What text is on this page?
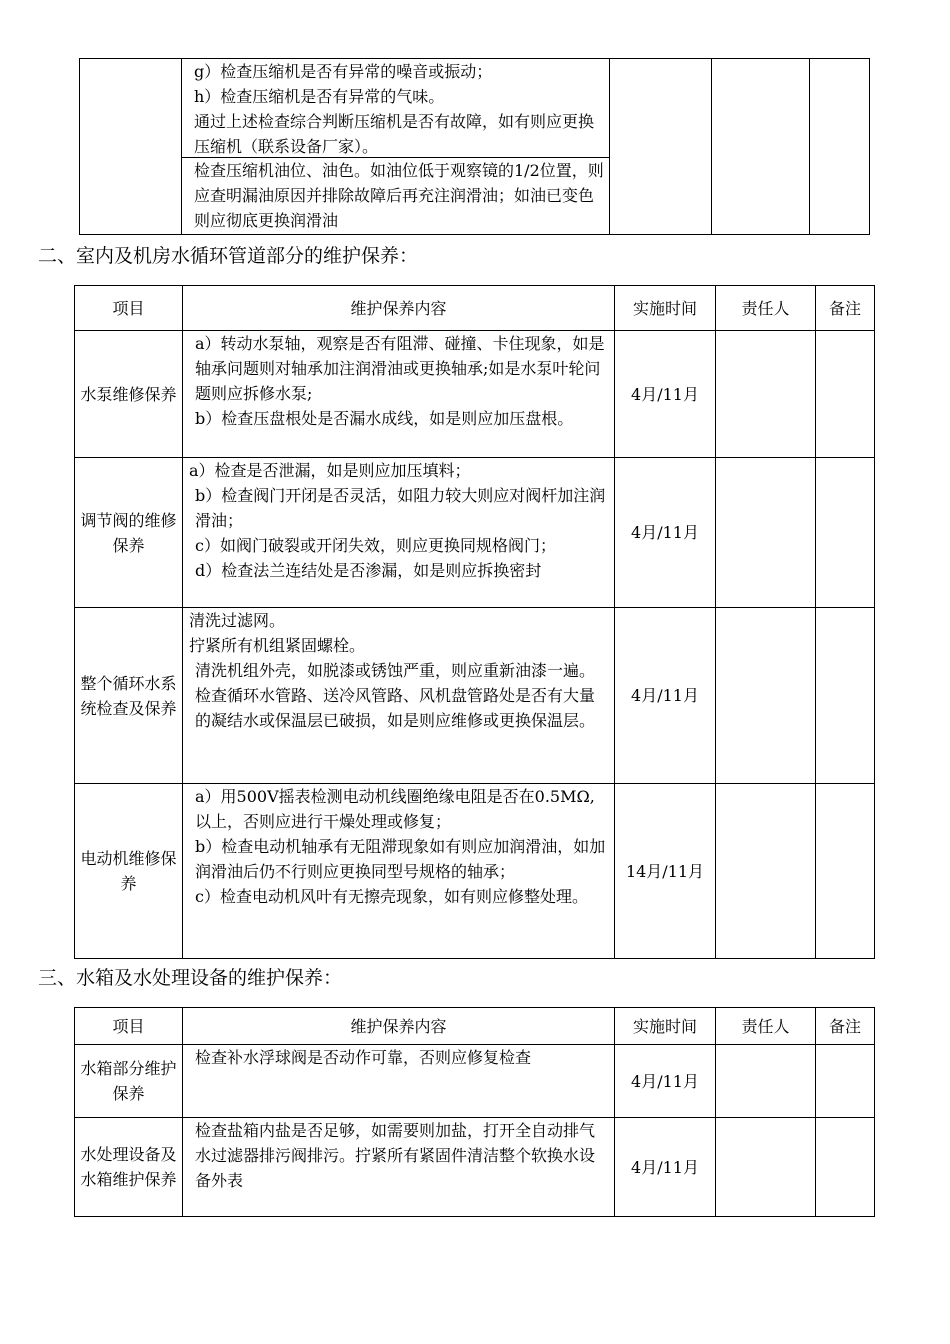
g）检查压缩机是否有异常的噪音或振动；

h）检查压缩机是否有异常的气味。

通过上述检查综合判断压缩机是否有故障，如有则应更换压缩机（联系设备厂家）。

检查压缩机油位、油色。如油位低于观察镜的1/2位置，则应查明漏油原因并排除故障后再充注润滑油；如油已变色则应彻底更换润滑油

二、室内及机房水循环管道部分的维护保养：
项目	维护保养内容	实施时间	责任人	备注
水泵维修保养	a）转动水泵轴，观察是否有阻滞、碰撞、卡住现象，如是轴承问题则对轴承加注润滑油或更换轴承;如是水泵叶轮问题则应拆修水泵;

b）检查压盘根处是否漏水成线，如是则应加压盘根。	4月/11月		
调节阀的维修保养	a）检查是否泄漏，如是则应加压填料；

b）检查阀门开闭是否灵活，如阻力较大则应对阀杆加注润滑油；

c）如阀门破裂或开闭失效，则应更换同规格阀门；

d）检查法兰连结处是否渗漏，如是则应拆换密封	4月/11月		
整个循环水系统检查及保养	清洗过滤网。

拧紧所有机组紧固螺栓。

清洗机组外壳，如脱漆或锈蚀严重，则应重新油漆一遍。

检查循环水管路、送冷风管路、风机盘管路处是否有大量的凝结水或保温层已破损，如是则应维修或更换保温层。	4月/11月		
电动机维修保养	a）用500V摇表检测电动机线圈绝缘电阻是否在0.5MΩ,以上，否则应进行干燥处理或修复；

b）检查电动机轴承有无阻滞现象如有则应加润滑油，如加润滑油后仍不行则应更换同型号规格的轴承；

c）检查电动机风叶有无擦壳现象，如有则应修整处理。	14月/11月		
三、水箱及水处理设备的维护保养：
项目	维护保养内容	实施时间	责任人	备注
水箱部分维护保养	检查补水浮球阀是否动作可靠，否则应修复检查	4月/11月		
水处理设备及水箱维护保养	检查盐箱内盐是否足够，如需要则加盐，打开全自动排气水过滤器排污阀排污。拧紧所有紧固件清洁整个软换水设备外表	4月/11月		
